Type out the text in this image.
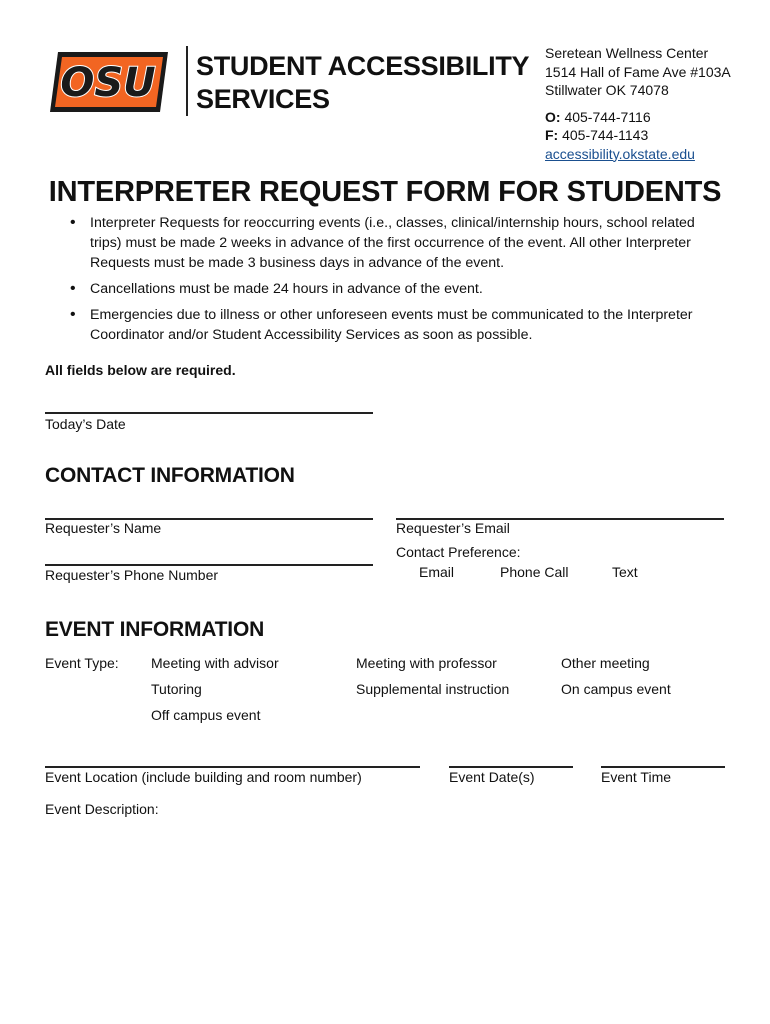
OSU STUDENT ACCESSIBILITY
SERVICES
Seretean Wellness Center
1514 Hall of Fame Ave #103A
Stillwater OK 74078
O: 405-744-7116
F: 405-744-1143
accessibility.okstate.edu
INTERPRETER REQUEST FORM FOR STUDENTS
• Interpreter Requests for reoccurring events (i.e., classes, clinical/internship hours, school related trips) must be made 2 weeks in advance of the first occurrence of the event. All other Interpreter Requests must be made 3 business days in advance of the event.
• Cancellations must be made 24 hours in advance of the event.
• Emergencies due to illness or other unforeseen events must be communicated to the Interpreter Coordinator and/or Student Accessibility Services as soon as possible.
All fields below are required.
Today’s Date
CONTACT INFORMATION
Requester’s Name
Requester’s Phone Number
Requester’s Email
Contact Preference:
Email	Phone Call	Text
EVENT INFORMATION
Event Type: Meeting with advisor	Meeting with professor	Other meeting
Tutoring	Supplemental instruction	On campus event
Off campus event
Event Location (include building and room number)	Event Date(s)	Event Time
Event Description:
